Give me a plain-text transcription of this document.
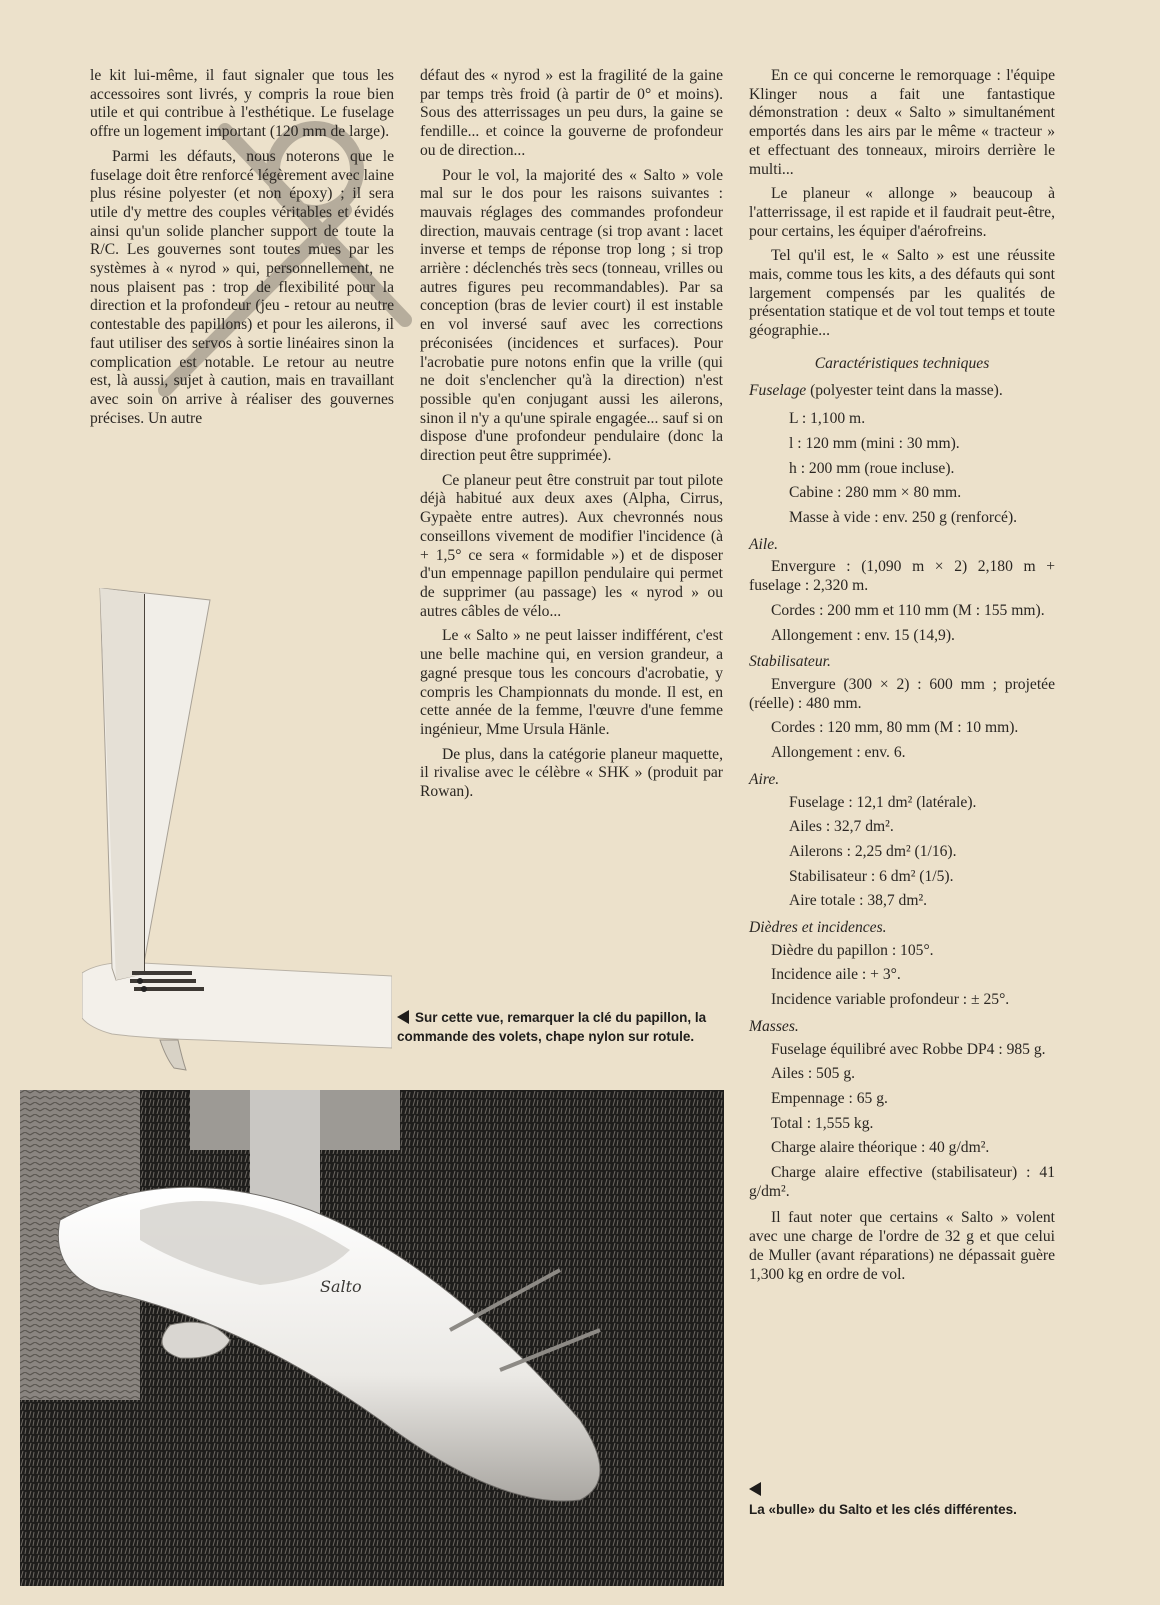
le kit lui-même, il faut signaler que tous les accessoires sont livrés, y compris la roue bien utile et qui contribue à l'esthétique. Le fuselage offre un logement important (120 mm de large).

Parmi les défauts, nous noterons que le fuselage doit être renforcé légèrement avec laine plus résine polyester (et non époxy) ; il sera utile d'y mettre des couples véritables et évidés ainsi qu'un solide plancher support de toute la R/C. Les gouvernes sont toutes mues par les systèmes à « nyrod » qui, personnellement, ne nous plaisent pas : trop de flexibilité pour la direction et la profondeur (jeu - retour au neutre contestable des papillons) et pour les ailerons, il faut utiliser des servos à sortie linéaires sinon la complication est notable. Le retour au neutre est, là aussi, sujet à caution, mais en travaillant avec soin on arrive à réaliser des gouvernes précises. Un autre

défaut des « nyrod » est la fragilité de la gaine par temps très froid (à partir de 0° et moins). Sous des atterrissages un peu durs, la gaine se fendille... et coince la gouverne de profondeur ou de direction...

Pour le vol, la majorité des « Salto » vole mal sur le dos pour les raisons suivantes : mauvais réglages des commandes profondeur direction, mauvais centrage (si trop avant : lacet inverse et temps de réponse trop long ; si trop arrière : déclenchés très secs (tonneau, vrilles ou autres figures peu recommandables). Par sa conception (bras de levier court) il est instable en vol inversé sauf avec les corrections préconisées (incidences et surfaces). Pour l'acrobatie pure notons enfin que la vrille (qui ne doit s'enclencher qu'à la direction) n'est possible qu'en conjugant aussi les ailerons, sinon il n'y a qu'une spirale engagée... sauf si on dispose d'une profondeur pendulaire (donc la direction peut être supprimée).

Ce planeur peut être construit par tout pilote déjà habitué aux deux axes (Alpha, Cirrus, Gypaète entre autres). Aux chevronnés nous conseillons vivement de modifier l'incidence (à + 1,5° ce sera « formidable ») et de disposer d'un empennage papillon pendulaire qui permet de supprimer (au passage) les « nyrod » ou autres câbles de vélo...

Le « Salto » ne peut laisser indifférent, c'est une belle machine qui, en version grandeur, a gagné presque tous les concours d'acrobatie, y compris les Championnats du monde. Il est, en cette année de la femme, l'œuvre d'une femme ingénieur, Mme Ursula Hänle.

De plus, dans la catégorie planeur maquette, il rivalise avec le célèbre « SHK » (produit par Rowan).

En ce qui concerne le remorquage : l'équipe Klinger nous a fait une fantastique démonstration : deux « Salto » simultanément emportés dans les airs par le même « tracteur » et effectuant des tonneaux, miroirs derrière le multi...

Le planeur « allonge » beaucoup à l'atterrissage, il est rapide et il faudrait peut-être, pour certains, les équiper d'aérofreins.

Tel qu'il est, le « Salto » est une réussite mais, comme tous les kits, a des défauts qui sont largement compensés par les qualités de présentation statique et de vol tout temps et toute géographie...

Caractéristiques techniques

Fuselage (polyester teint dans la masse).

L : 1,100 m.

l : 120 mm (mini : 30 mm).

h : 200 mm (roue incluse).

Cabine : 280 mm × 80 mm.

Masse à vide : env. 250 g (renforcé).

Aile.

Envergure : (1,090 m × 2) 2,180 m + fuselage : 2,320 m.

Cordes : 200 mm et 110 mm (M : 155 mm).

Allongement : env. 15 (14,9).

Stabilisateur.

Envergure (300 × 2) : 600 mm ; projetée (réelle) : 480 mm.

Cordes : 120 mm, 80 mm (M : 10 mm).

Allongement : env. 6.

Aire.

Fuselage : 12,1 dm² (latérale).

Ailes : 32,7 dm².

Ailerons : 2,25 dm² (1/16).

Stabilisateur : 6 dm² (1/5).

Aire totale : 38,7 dm².

Dièdres et incidences.

Dièdre du papillon : 105°.

Incidence aile : + 3°.

Incidence variable profondeur : ± 25°.

Masses.

Fuselage équilibré avec Robbe DP4 : 985 g.

Ailes : 505 g.

Empennage : 65 g.

Total : 1,555 kg.

Charge alaire théorique : 40 g/dm².

Charge alaire effective (stabilisateur) : 41 g/dm².

Il faut noter que certains « Salto » volent avec une charge de l'ordre de 32 g et que celui de Muller (avant réparations) ne dépassait guère 1,300 kg en ordre de vol.

Salto
Sur cette vue, remarquer la clé du papillon, la commande des volets, chape nylon sur rotule.
La «bulle» du Salto et les clés différentes.
